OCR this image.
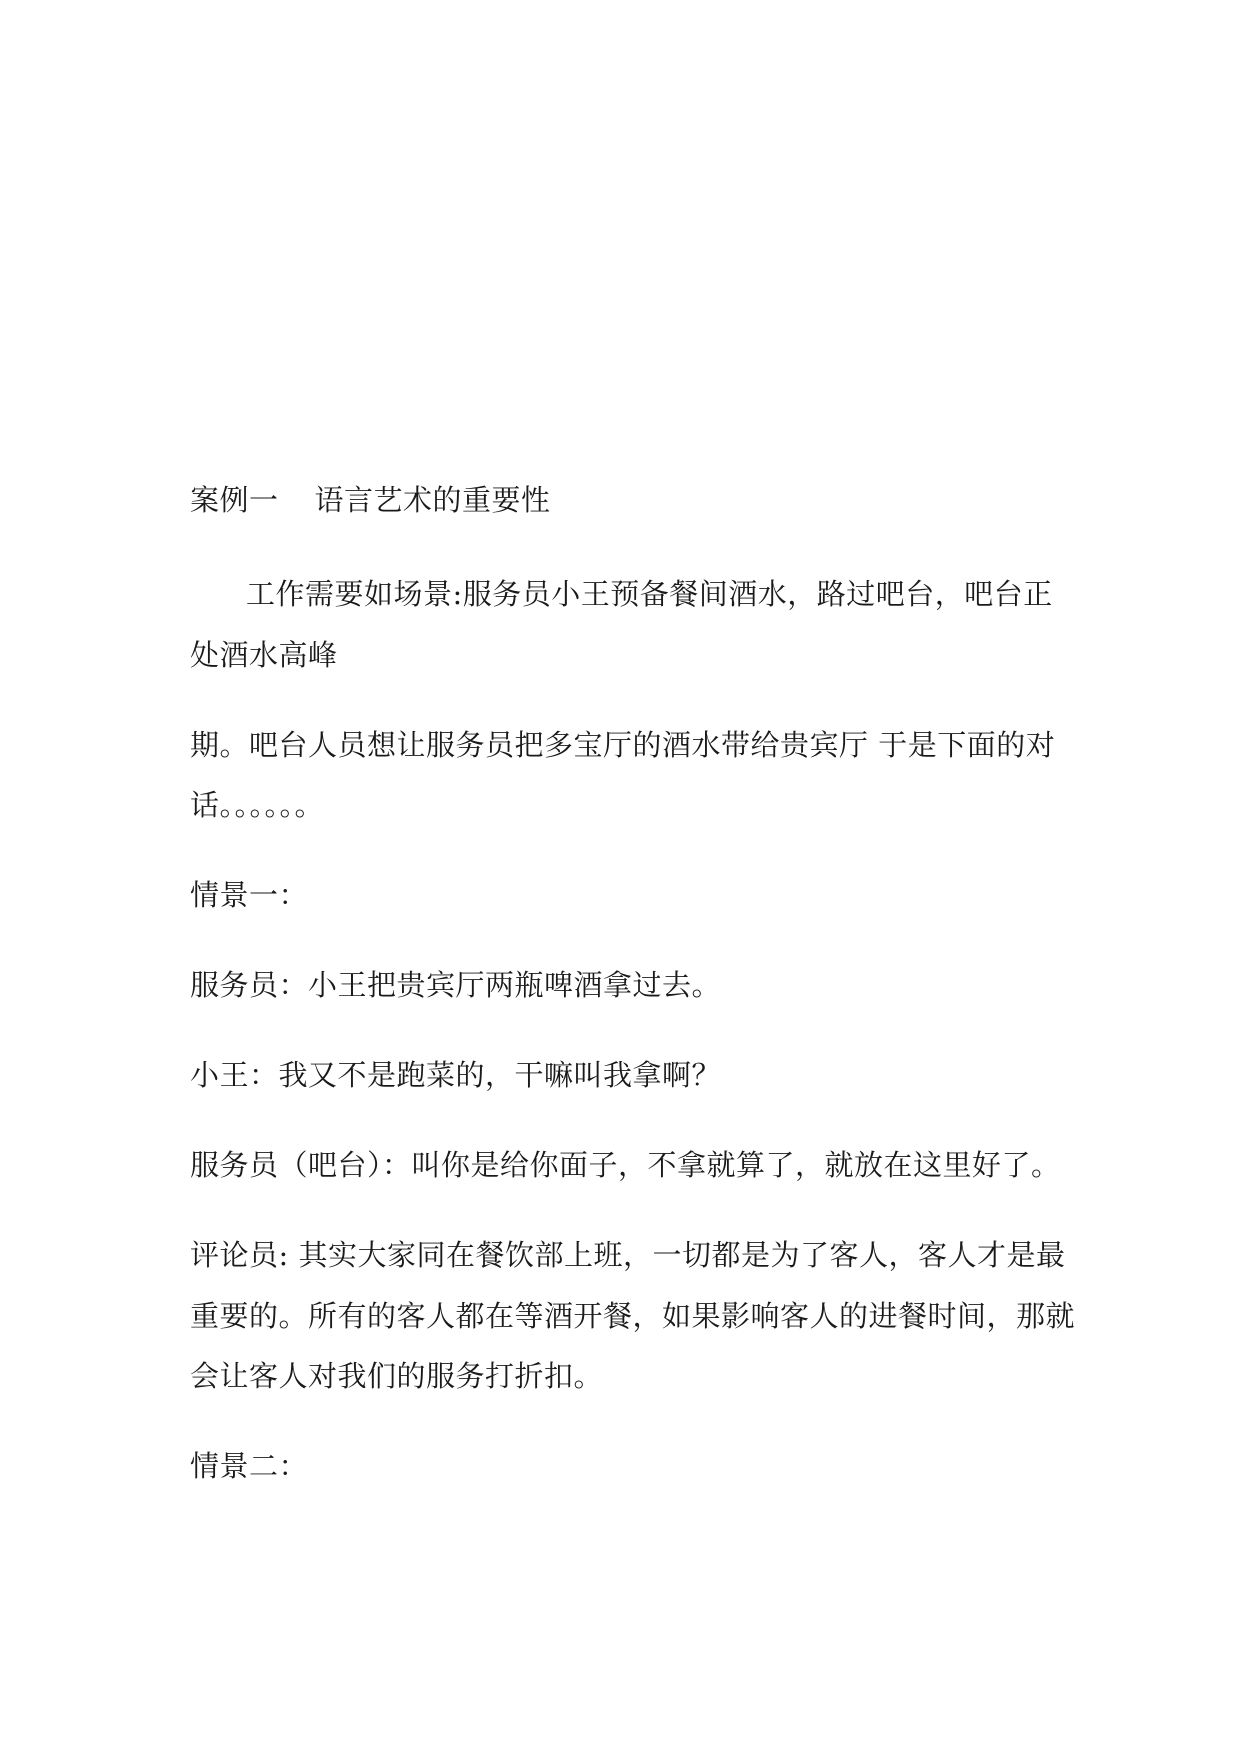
案例一 语言艺术的重要性
工作需要如场景:服务员小王预备餐间酒水，路过吧台，吧台正
处酒水高峰
期。吧台人员想让服务员把多宝厅的酒水带给贵宾厅 于是下面的对
话。。。。。。
情景一：
服务员：小王把贵宾厅两瓶啤酒拿过去。
小王：我又不是跑菜的，干嘛叫我拿啊？
服务员（吧台）：叫你是给你面子，不拿就算了，就放在这里好了。
评论员: 其实大家同在餐饮部上班，一切都是为了客人，客人才是最
重要的。所有的客人都在等酒开餐，如果影响客人的进餐时间，那就
会让客人对我们的服务打折扣。
情景二：
